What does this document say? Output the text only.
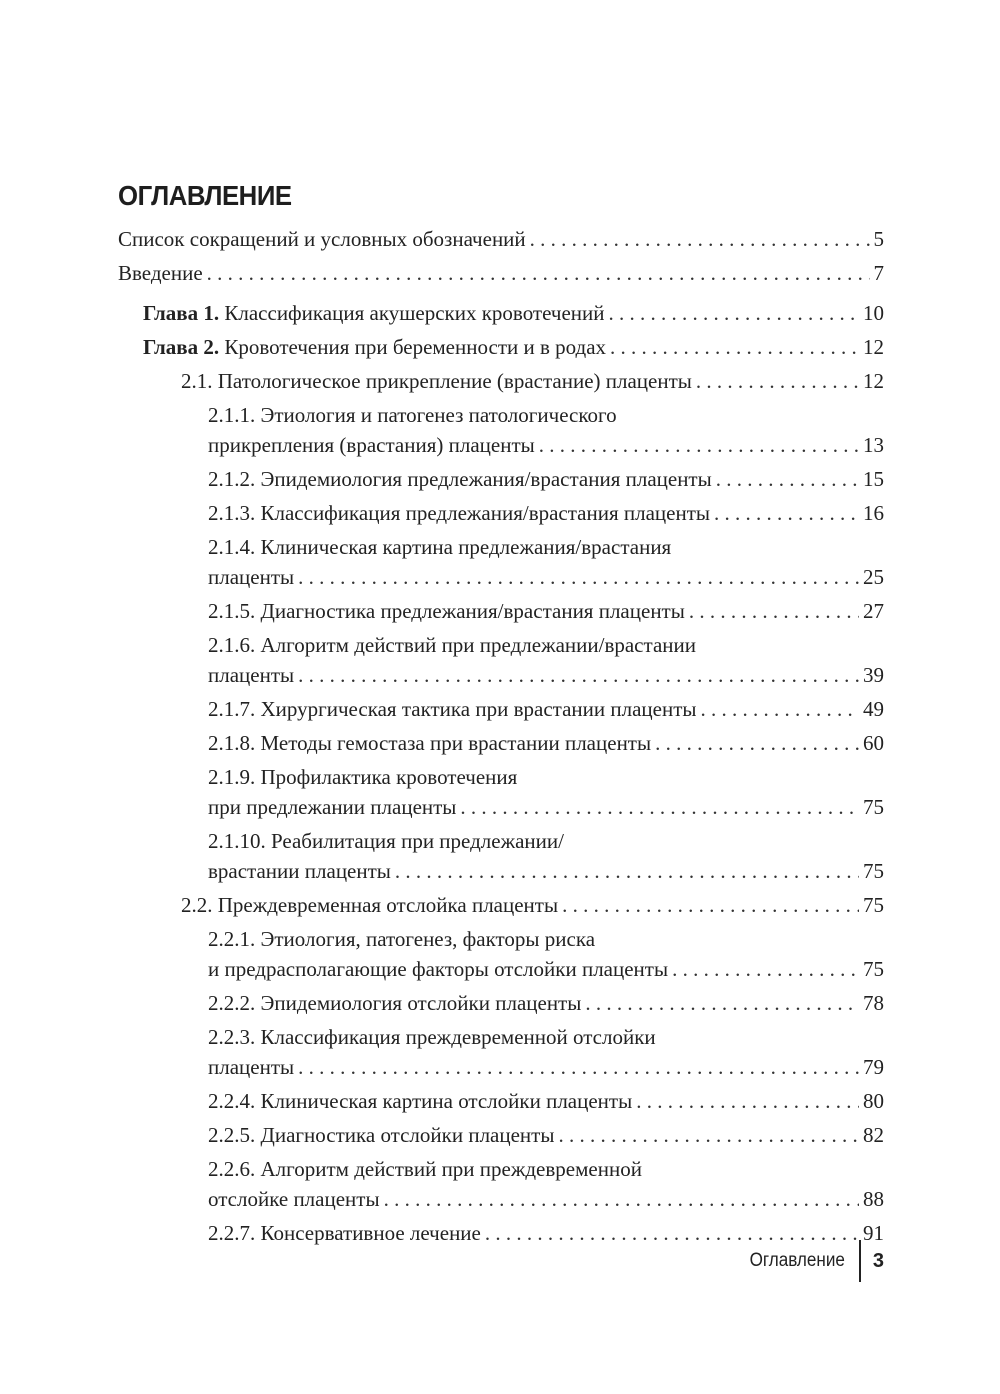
ОГЛАВЛЕНИЕ
Список сокращений и условных обозначений . . .	5
Введение . . .	7
Глава 1. Классификация акушерских кровотечений . . .	10
Глава 2. Кровотечения при беременности и в родах . . .	12
2.1. Патологическое прикрепление (врастание) плаценты . . .	12
2.1.1. Этиология и патогенез патологического
прикрепления (врастания) плаценты . . .	13
2.1.2. Эпидемиология предлежания/врастания плаценты . . .	15
2.1.3. Классификация предлежания/врастания плаценты . . .	16
2.1.4. Клиническая картина предлежания/врастания
плаценты . . .	25
2.1.5. Диагностика предлежания/врастания плаценты . . .	27
2.1.6. Алгоритм действий при предлежании/врастании
плаценты . . .	39
2.1.7. Хирургическая тактика при врастании плаценты . . .	49
2.1.8. Методы гемостаза при врастании плаценты . . .	60
2.1.9. Профилактика кровотечения
при предлежании плаценты . . .	75
2.1.10. Реабилитация при предлежании/
врастании плаценты . . .	75
2.2. Преждевременная отслойка плаценты . . .	75
2.2.1. Этиология, патогенез, факторы риска
и предрасполагающие факторы отслойки плаценты . . .	75
2.2.2. Эпидемиология отслойки плаценты . . .	78
2.2.3. Классификация преждевременной отслойки
плаценты . . .	79
2.2.4. Клиническая картина отслойки плаценты . . .	80
2.2.5. Диагностика отслойки плаценты . . .	82
2.2.6. Алгоритм действий при преждевременной
отслойке плаценты . . .	88
2.2.7. Консервативное лечение . . .	91
Оглавление 3
